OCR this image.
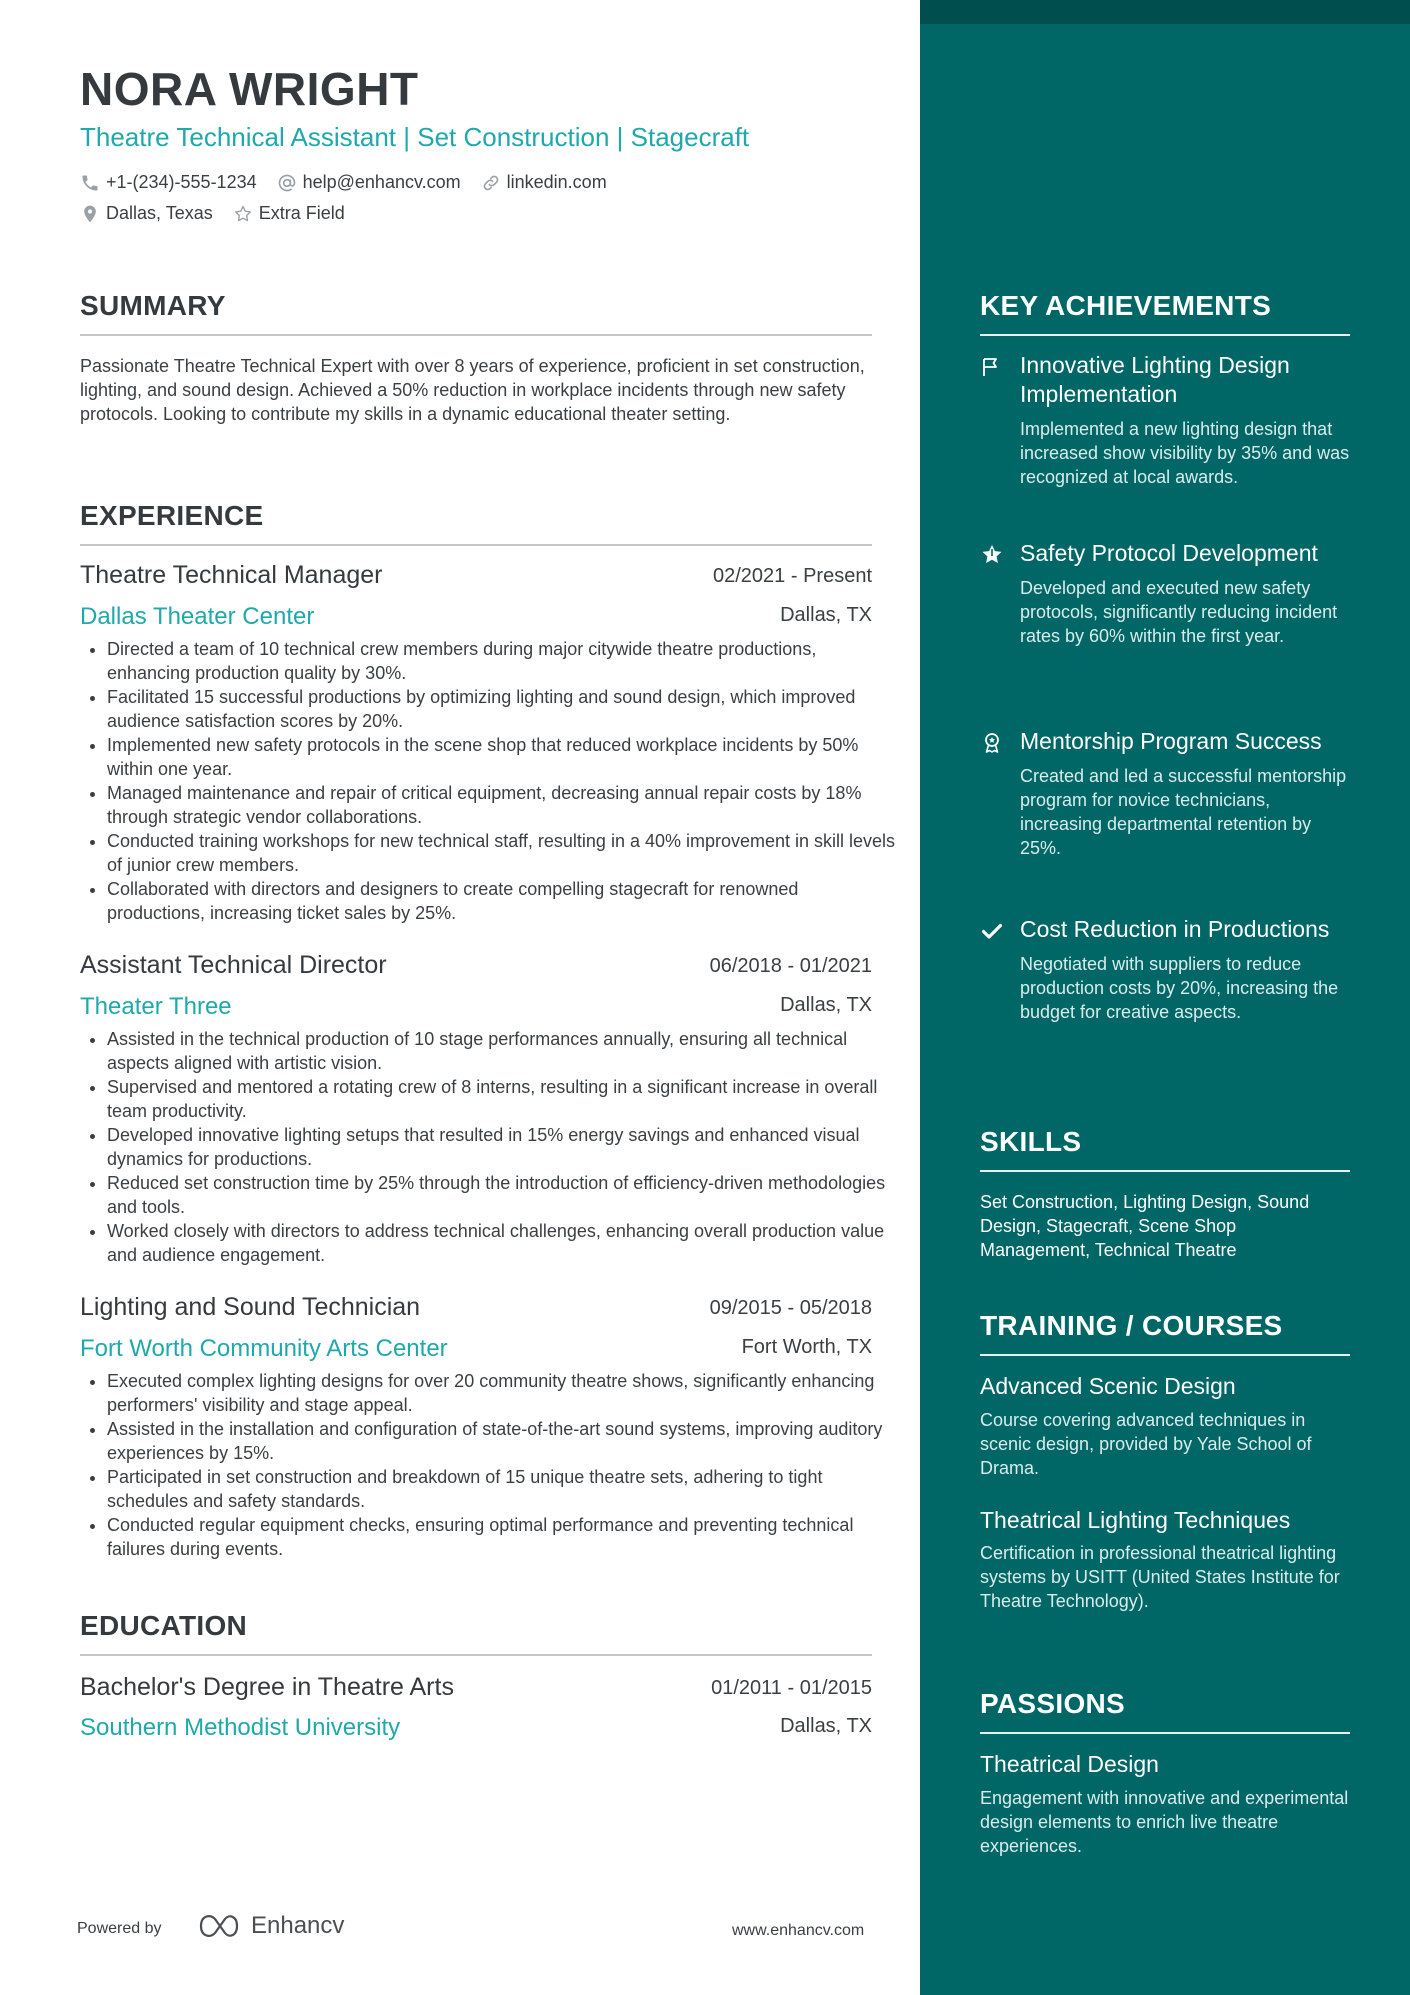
NORA WRIGHT
Theatre Technical Assistant | Set Construction | Stagecraft
+1-(234)-555-1234	help@enhancv.com	linkedin.com
Dallas, Texas	Extra Field
SUMMARY

Passionate Theatre Technical Expert with over 8 years of experience, proficient in set construction, lighting, and sound design. Achieved a 50% reduction in workplace incidents through new safety protocols. Looking to contribute my skills in a dynamic educational theater setting.

EXPERIENCE
Theatre Technical Manager	02/2021 - Present
Dallas Theater Center	Dallas, TX
• Directed a team of 10 technical crew members during major citywide theatre productions, enhancing production quality by 30%.
• Facilitated 15 successful productions by optimizing lighting and sound design, which improved audience satisfaction scores by 20%.
• Implemented new safety protocols in the scene shop that reduced workplace incidents by 50% within one year.
• Managed maintenance and repair of critical equipment, decreasing annual repair costs by 18% through strategic vendor collaborations.
• Conducted training workshops for new technical staff, resulting in a 40% improvement in skill levels of junior crew members.
• Collaborated with directors and designers to create compelling stagecraft for renowned productions, increasing ticket sales by 25%.
Assistant Technical Director	06/2018 - 01/2021
Theater Three	Dallas, TX
• Assisted in the technical production of 10 stage performances annually, ensuring all technical aspects aligned with artistic vision.
• Supervised and mentored a rotating crew of 8 interns, resulting in a significant increase in overall team productivity.
• Developed innovative lighting setups that resulted in 15% energy savings and enhanced visual dynamics for productions.
• Reduced set construction time by 25% through the introduction of efficiency-driven methodologies and tools.
• Worked closely with directors to address technical challenges, enhancing overall production value and audience engagement.
Lighting and Sound Technician	09/2015 - 05/2018
Fort Worth Community Arts Center	Fort Worth, TX
• Executed complex lighting designs for over 20 community theatre shows, significantly enhancing performers' visibility and stage appeal.
• Assisted in the installation and configuration of state-of-the-art sound systems, improving auditory experiences by 15%.
• Participated in set construction and breakdown of 15 unique theatre sets, adhering to tight schedules and safety standards.
• Conducted regular equipment checks, ensuring optimal performance and preventing technical failures during events.
EDUCATION
Bachelor's Degree in Theatre Arts	01/2011 - 01/2015
Southern Methodist University	Dallas, TX
Powered by	Enhancv	www.enhancv.com
KEY ACHIEVEMENTS

Innovative Lighting Design Implementation

Implemented a new lighting design that increased show visibility by 35% and was recognized at local awards.

Safety Protocol Development

Developed and executed new safety protocols, significantly reducing incident rates by 60% within the first year.

Mentorship Program Success

Created and led a successful mentorship program for novice technicians, increasing departmental retention by 25%.

Cost Reduction in Productions

Negotiated with suppliers to reduce production costs by 20%, increasing the budget for creative aspects.

SKILLS

Set Construction, Lighting Design, Sound Design, Stagecraft, Scene Shop Management, Technical Theatre

TRAINING / COURSES

Advanced Scenic Design

Course covering advanced techniques in scenic design, provided by Yale School of Drama.

Theatrical Lighting Techniques

Certification in professional theatrical lighting systems by USITT (United States Institute for Theatre Technology).

PASSIONS

Theatrical Design

Engagement with innovative and experimental design elements to enrich live theatre experiences.
